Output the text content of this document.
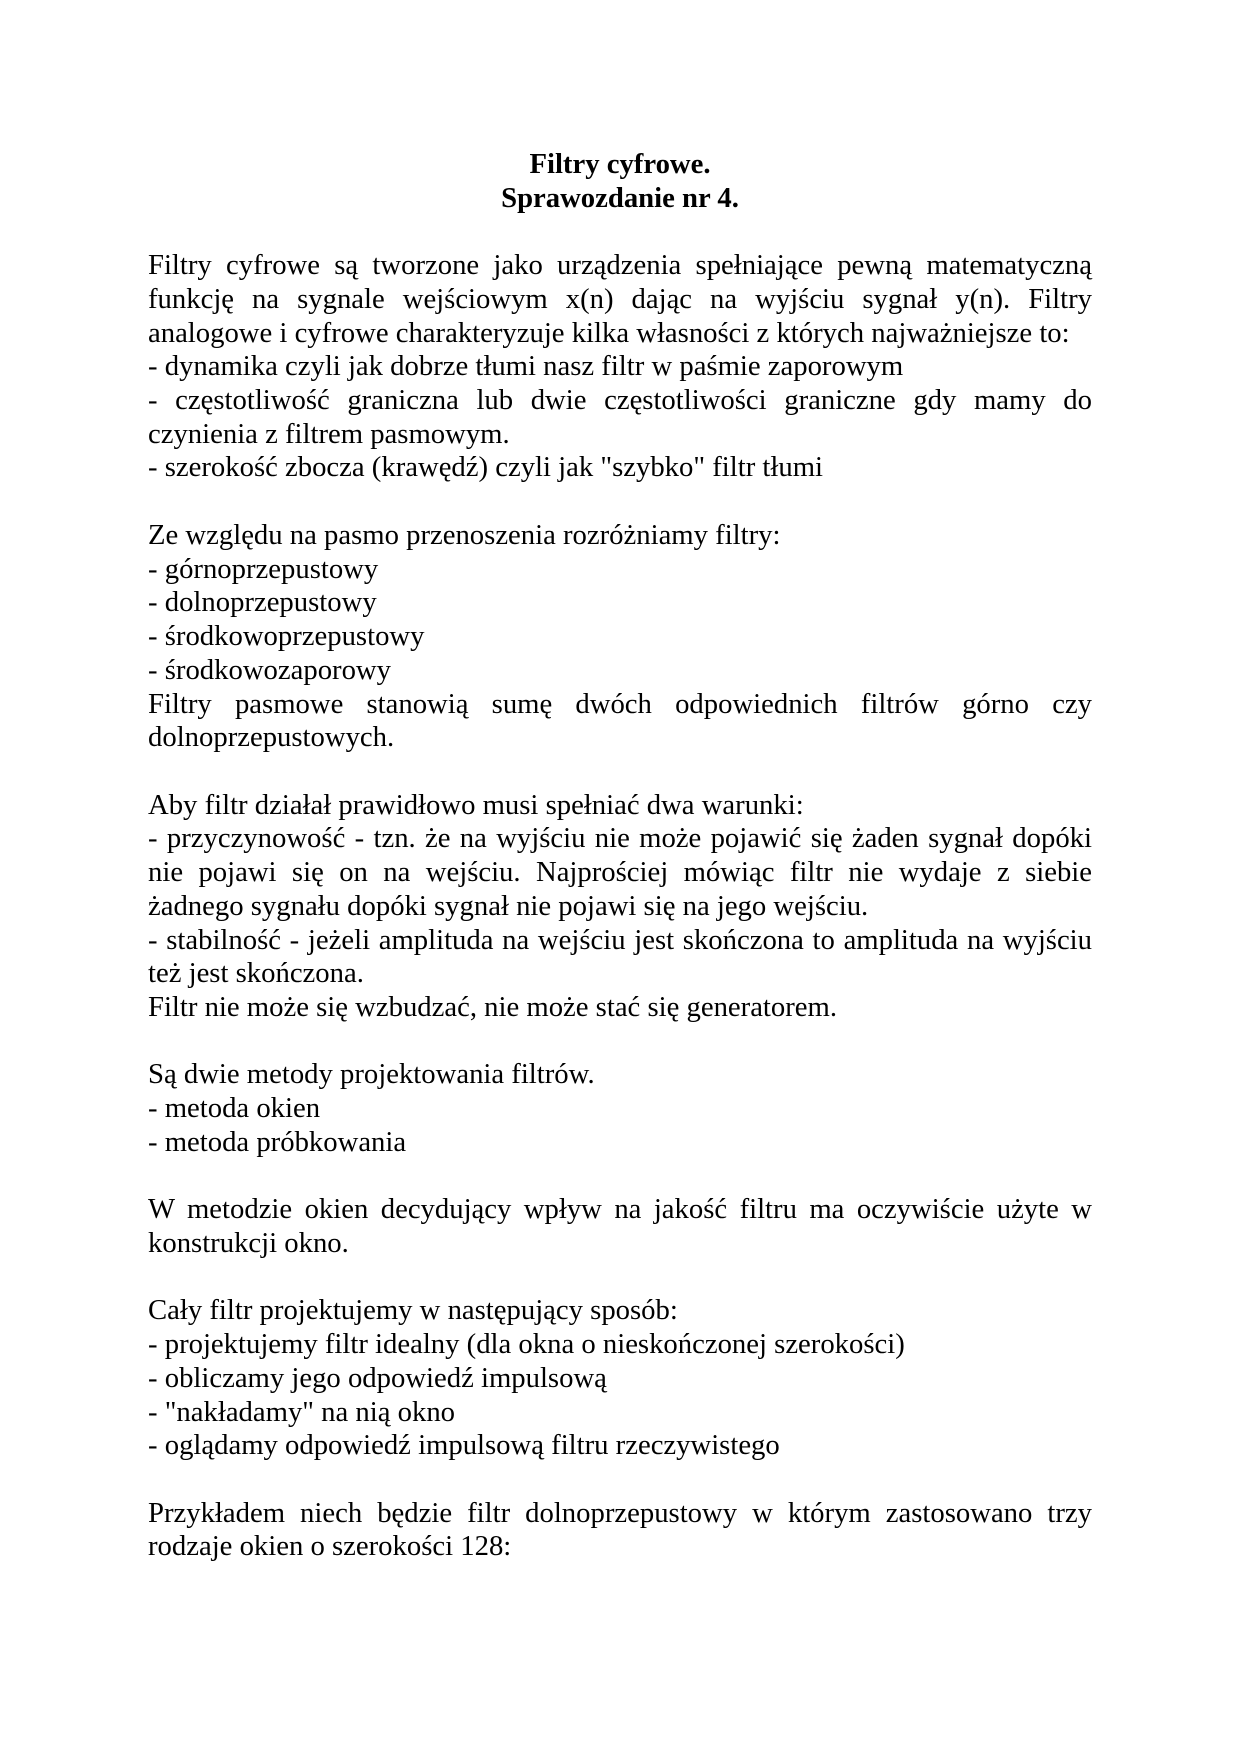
Filtry cyfrowe.
Sprawozdanie nr 4.
Filtry cyfrowe są tworzone jako urządzenia spełniające pewną matematyczną
funkcję na sygnale wejściowym x(n) dając na wyjściu sygnał y(n). Filtry
analogowe i cyfrowe charakteryzuje kilka własności z których najważniejsze to:
- dynamika czyli jak dobrze tłumi nasz filtr w paśmie zaporowym
- częstotliwość graniczna lub dwie częstotliwości graniczne gdy mamy do
czynienia z filtrem pasmowym.
- szerokość zbocza (krawędź) czyli jak "szybko" filtr tłumi

Ze względu na pasmo przenoszenia rozróżniamy filtry:
- górnoprzepustowy
- dolnoprzepustowy
- środkowoprzepustowy
- środkowozaporowy
Filtry pasmowe stanowią sumę dwóch odpowiednich filtrów górno czy
dolnoprzepustowych.

Aby filtr działał prawidłowo musi spełniać dwa warunki:
- przyczynowość - tzn. że na wyjściu nie może pojawić się żaden sygnał dopóki
nie pojawi się on na wejściu. Najprościej mówiąc filtr nie wydaje z siebie
żadnego sygnału dopóki sygnał nie pojawi się na jego wejściu.
- stabilność - jeżeli amplituda na wejściu jest skończona to amplituda na wyjściu
też jest skończona.
Filtr nie może się wzbudzać, nie może stać się generatorem.

Są dwie metody projektowania filtrów.
- metoda okien
- metoda próbkowania

W metodzie okien decydujący wpływ na jakość filtru ma oczywiście użyte w
konstrukcji okno.

Cały filtr projektujemy w następujący sposób:
- projektujemy filtr idealny (dla okna o nieskończonej szerokości)
- obliczamy jego odpowiedź impulsową
- "nakładamy" na nią okno
- oglądamy odpowiedź impulsową filtru rzeczywistego

Przykładem niech będzie filtr dolnoprzepustowy w którym zastosowano trzy
rodzaje okien o szerokości 128:
